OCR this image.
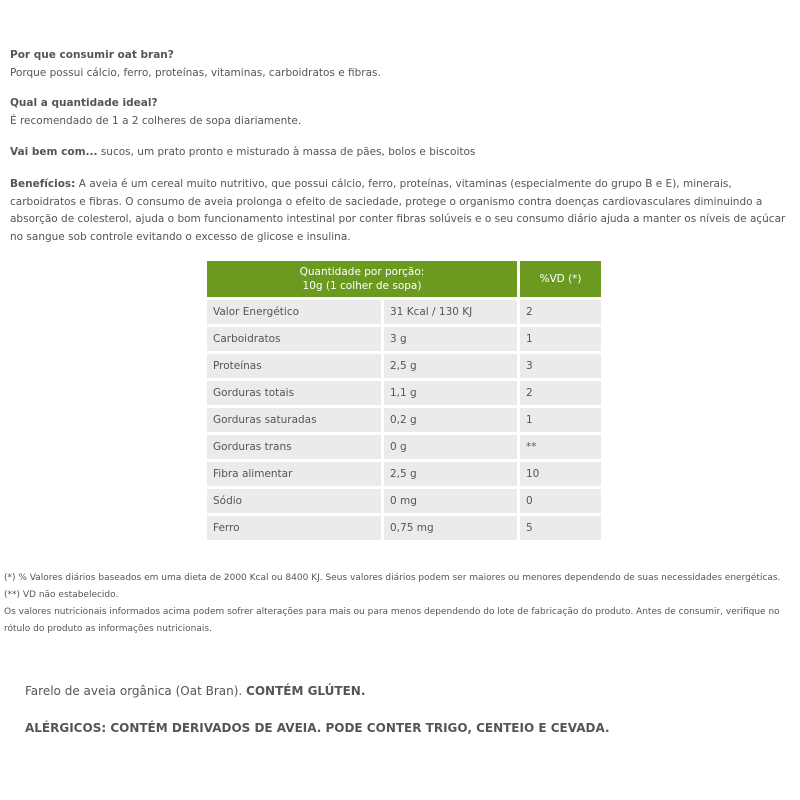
Por que consumir oat bran?
Porque possui cálcio, ferro, proteínas, vitaminas, carboidratos e fibras.
Qual a quantidade ideal?
É recomendado de 1 a 2 colheres de sopa diariamente.
Vai bem com... sucos, um prato pronto e misturado à massa de pães, bolos e biscoitos
Benefícios: A aveia é um cereal muito nutritivo, que possui cálcio, ferro, proteínas, vitaminas (especialmente do grupo B e E), minerais, carboidratos e fibras. O consumo de aveia prolonga o efeito de saciedade, protege o organismo contra doenças cardiovasculares diminuindo a absorção de colesterol, ajuda o bom funcionamento intestinal por conter fibras solúveis e o seu consumo diário ajuda a manter os níveis de açúcar no sangue sob controle evitando o excesso de glicose e insulina.
Quantidade por porção:
10g (1 colher de sopa)		%VD (*)
Valor Energético	31 Kcal / 130 KJ	2
Carboidratos	3 g	1
Proteínas	2,5 g	3
Gorduras totais	1,1 g	2
Gorduras saturadas	0,2 g	1
Gorduras trans	0 g	**
Fibra alimentar	2,5 g	10
Sódio	0 mg	0
Ferro	0,75 mg	5
(*) % Valores diários baseados em uma dieta de 2000 Kcal ou 8400 KJ. Seus valores diários podem ser maiores ou menores dependendo de suas necessidades energéticas. (**) VD não estabelecido.
Os valores nutricionais informados acima podem sofrer alterações para mais ou para menos dependendo do lote de fabricação do produto. Antes de consumir, verifique no rótulo do produto as informações nutricionais.
Farelo de aveia orgânica (Oat Bran). CONTÉM GLÚTEN.
ALÉRGICOS: CONTÉM DERIVADOS DE AVEIA. PODE CONTER TRIGO, CENTEIO E CEVADA.
